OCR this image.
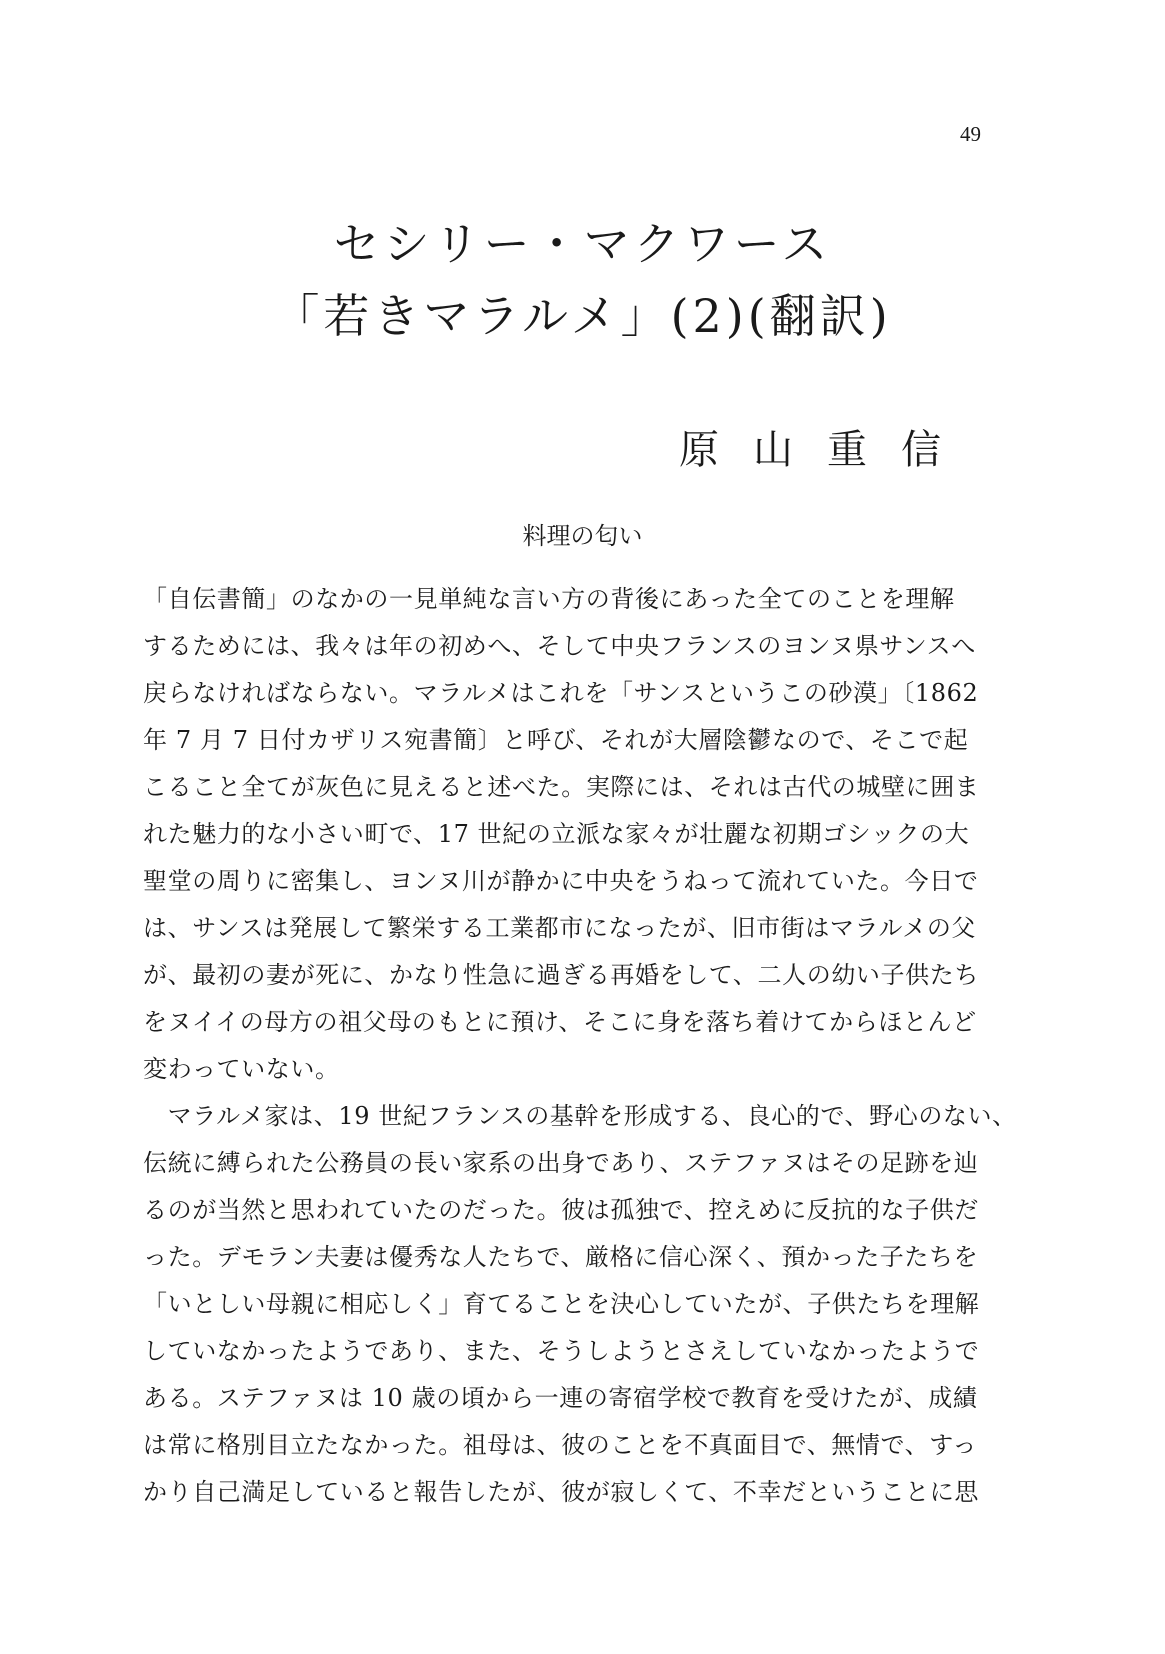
49
セシリー・マクワース
「若きマラルメ」(2)(翻訳)
原山重信
料理の匂い
「自伝書簡」のなかの一見単純な言い方の背後にあった全てのことを理解
するためには、我々は年の初めへ、そして中央フランスのヨンヌ県サンスへ
戻らなければならない。マラルメはこれを「サンスというこの砂漠」〔1862
年 7 月 7 日付カザリス宛書簡〕と呼び、それが大層陰鬱なので、そこで起
こること全てが灰色に見えると述べた。実際には、それは古代の城壁に囲ま
れた魅力的な小さい町で、17 世紀の立派な家々が壮麗な初期ゴシックの大
聖堂の周りに密集し、ヨンヌ川が静かに中央をうねって流れていた。今日で
は、サンスは発展して繁栄する工業都市になったが、旧市街はマラルメの父
が、最初の妻が死に、かなり性急に過ぎる再婚をして、二人の幼い子供たち
をヌイイの母方の祖父母のもとに預け、そこに身を落ち着けてからほとんど
変わっていない。
　マラルメ家は、19 世紀フランスの基幹を形成する、良心的で、野心のない、
伝統に縛られた公務員の長い家系の出身であり、ステファヌはその足跡を辿
るのが当然と思われていたのだった。彼は孤独で、控えめに反抗的な子供だ
った。デモラン夫妻は優秀な人たちで、厳格に信心深く、預かった子たちを
「いとしい母親に相応しく」育てることを決心していたが、子供たちを理解
していなかったようであり、また、そうしようとさえしていなかったようで
ある。ステファヌは 10 歳の頃から一連の寄宿学校で教育を受けたが、成績
は常に格別目立たなかった。祖母は、彼のことを不真面目で、無情で、すっ
かり自己満足していると報告したが、彼が寂しくて、不幸だということに思
